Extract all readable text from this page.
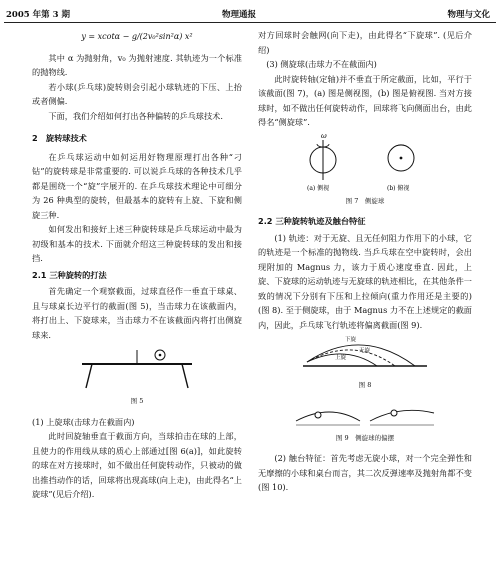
2005 年第 3 期	物理通报	物理与文化
y = xcotα − g/(2v₀²sin²α) x²

其中 α 为抛射角，v₀ 为抛射速度. 其轨迹为一个标准的抛物线.

若小球(乒乓球)旋转则会引起小球轨迹的下压、上抬或者侧偏.

下面，我们介绍如何打出各种偏转的乒乓球技术.

2　旋转球技术

在乒乓球运动中如何运用好物理原理打出各种“刁钻”的旋转球是非常重要的. 可以说乒乓球的各种技术几乎都是围绕一个“旋”字展开的. 在乒乓球技术理论中可细分为 26 种典型的旋转，但最基本的旋转有上旋、下旋和侧旋三种.

如何发出和接好上述三种旋转球是乒乓球运动中最为初级和基本的技术. 下面就介绍这三种旋转球的发出和接挡.

2.1 三种旋转的打法

首先确定一个观察截面，过球直径作一垂直于球桌、且与球桌长边平行的截面(图 5)，当击球力在该截面内，将打出上、下旋球来，当击球力不在该截面内将打出侧旋球来.

图 5

(1) 上旋球(击球力在截面内)

此时回旋轴垂直于截面方向，当球拍击在球的上部，且使力的作用线从球的质心上部通过[图 6(a)]，如此旋转的球在对方接球时，如不做出任何旋转动作，只被动的做出推挡动作的话，回球将出现高球(向上走)，由此得名“上旋球”(见后介绍).

对方回球时会触网(向下走)，由此得名“下旋球”. (见后介绍)

(3) 侧旋球(击球力不在截面内)

此时旋转轴(定轴)并不垂直于所定截面，比如，平行于该截面(图 7)，(a) 图是侧视图，(b) 图是俯视图. 当对方接球时，如不做出任何旋转动作，回球将飞向侧面出台，由此得名“侧旋球”.

ω
(a) 侧视	(b) 俯视
图 7　侧旋球
2.2 三种旋转轨迹及触台特征

(1) 轨迹：对于无旋、且无任何阻力作用下的小球，它的轨迹是一个标准的抛物线. 当乒乓球在空中旋转时，会出现附加的 Magnus 力，该力于质心速度垂直. 因此，上旋、下旋球的运动轨迹与无旋球的轨迹相比，在其他条件一致的情况下分别有下压和上拉倾向(重力作用还是主要的)(图 8). 至于侧旋球，由于 Magnus 力不在上述规定的截面内，因此，乒乓球飞行轨迹将偏离截面(图 9).

下旋
无旋
上旋
图 8
图 9　侧旋球的偏摆

(2) 触台特征：首先考虑无旋小球，对一个完全弹性和无摩擦的小球和桌台而言，其二次反弹速率及抛射角都不变(图 10).
